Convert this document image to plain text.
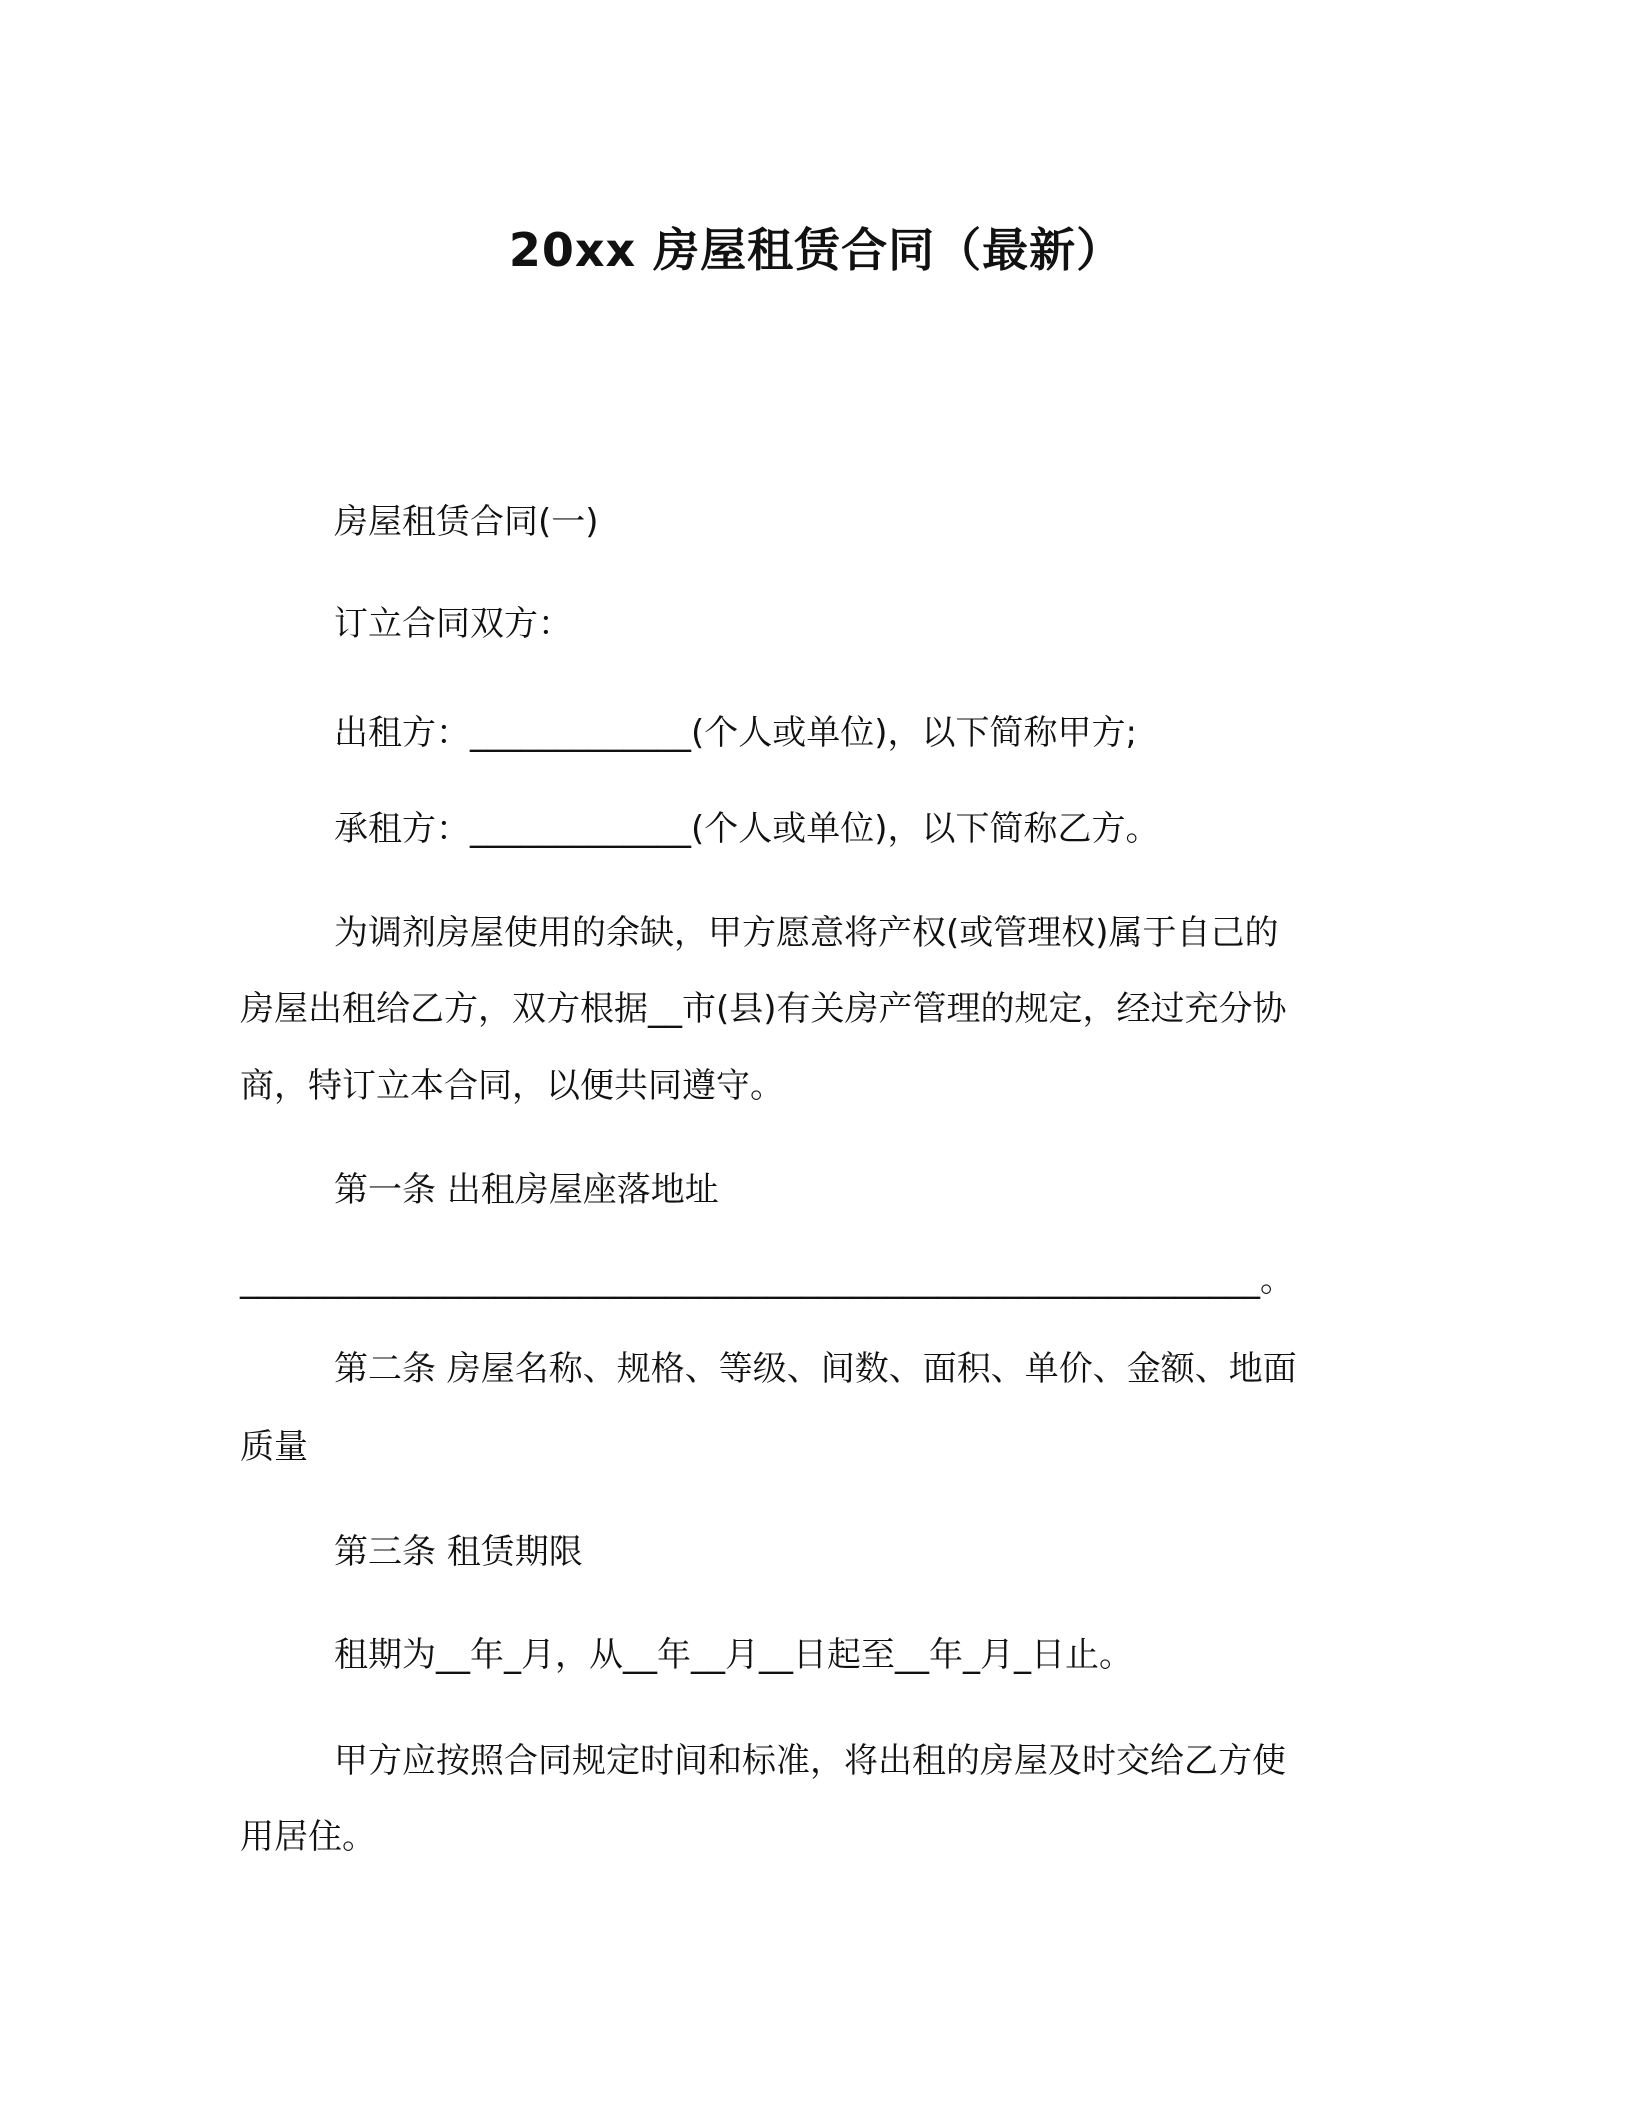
20xx 房屋租赁合同（最新）
房屋租赁合同(一)
订立合同双方：
出租方：_____________(个人或单位)，以下简称甲方;
承租方：_____________(个人或单位)，以下简称乙方。
为调剂房屋使用的余缺，甲方愿意将产权(或管理权)属于自己的
房屋出租给乙方，双方根据__市(县)有关房产管理的规定，经过充分协
商，特订立本合同，以便共同遵守。
第一条 出租房屋座落地址
____________________________________________________________。
第二条 房屋名称、规格、等级、间数、面积、单价、金额、地面
质量
第三条 租赁期限
租期为__年_月，从__年__月__日起至__年_月_日止。
甲方应按照合同规定时间和标准，将出租的房屋及时交给乙方使
用居住。
